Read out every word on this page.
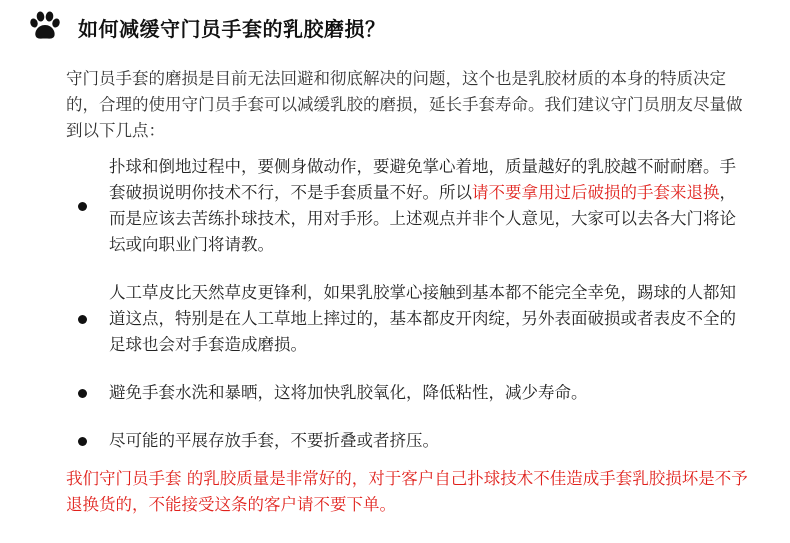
如何减缓守门员手套的乳胶磨损？
守门员手套的磨损是目前无法回避和彻底解决的问题，这个也是乳胶材质的本身的特质决定的，合理的使用守门员手套可以减缓乳胶的磨损，延长手套寿命。我们建议守门员朋友尽量做到以下几点：
扑球和倒地过程中，要侧身做动作，要避免掌心着地，质量越好的乳胶越不耐耐磨。手套破损说明你技术不行，不是手套质量不好。所以请不要拿用过后破损的手套来退换，而是应该去苦练扑球技术，用对手形。上述观点并非个人意见，大家可以去各大门将论坛或向职业门将请教。
人工草皮比天然草皮更锋利，如果乳胶掌心接触到基本都不能完全幸免，踢球的人都知道这点，特别是在人工草地上摔过的，基本都皮开肉绽，另外表面破损或者表皮不全的足球也会对手套造成磨损。
避免手套水洗和暴晒，这将加快乳胶氧化，降低粘性，减少寿命。
尽可能的平展存放手套，不要折叠或者挤压。
我们守门员手套 的乳胶质量是非常好的，对于客户自己扑球技术不佳造成手套乳胶损坏是不予退换货的，不能接受这条的客户请不要下单。
